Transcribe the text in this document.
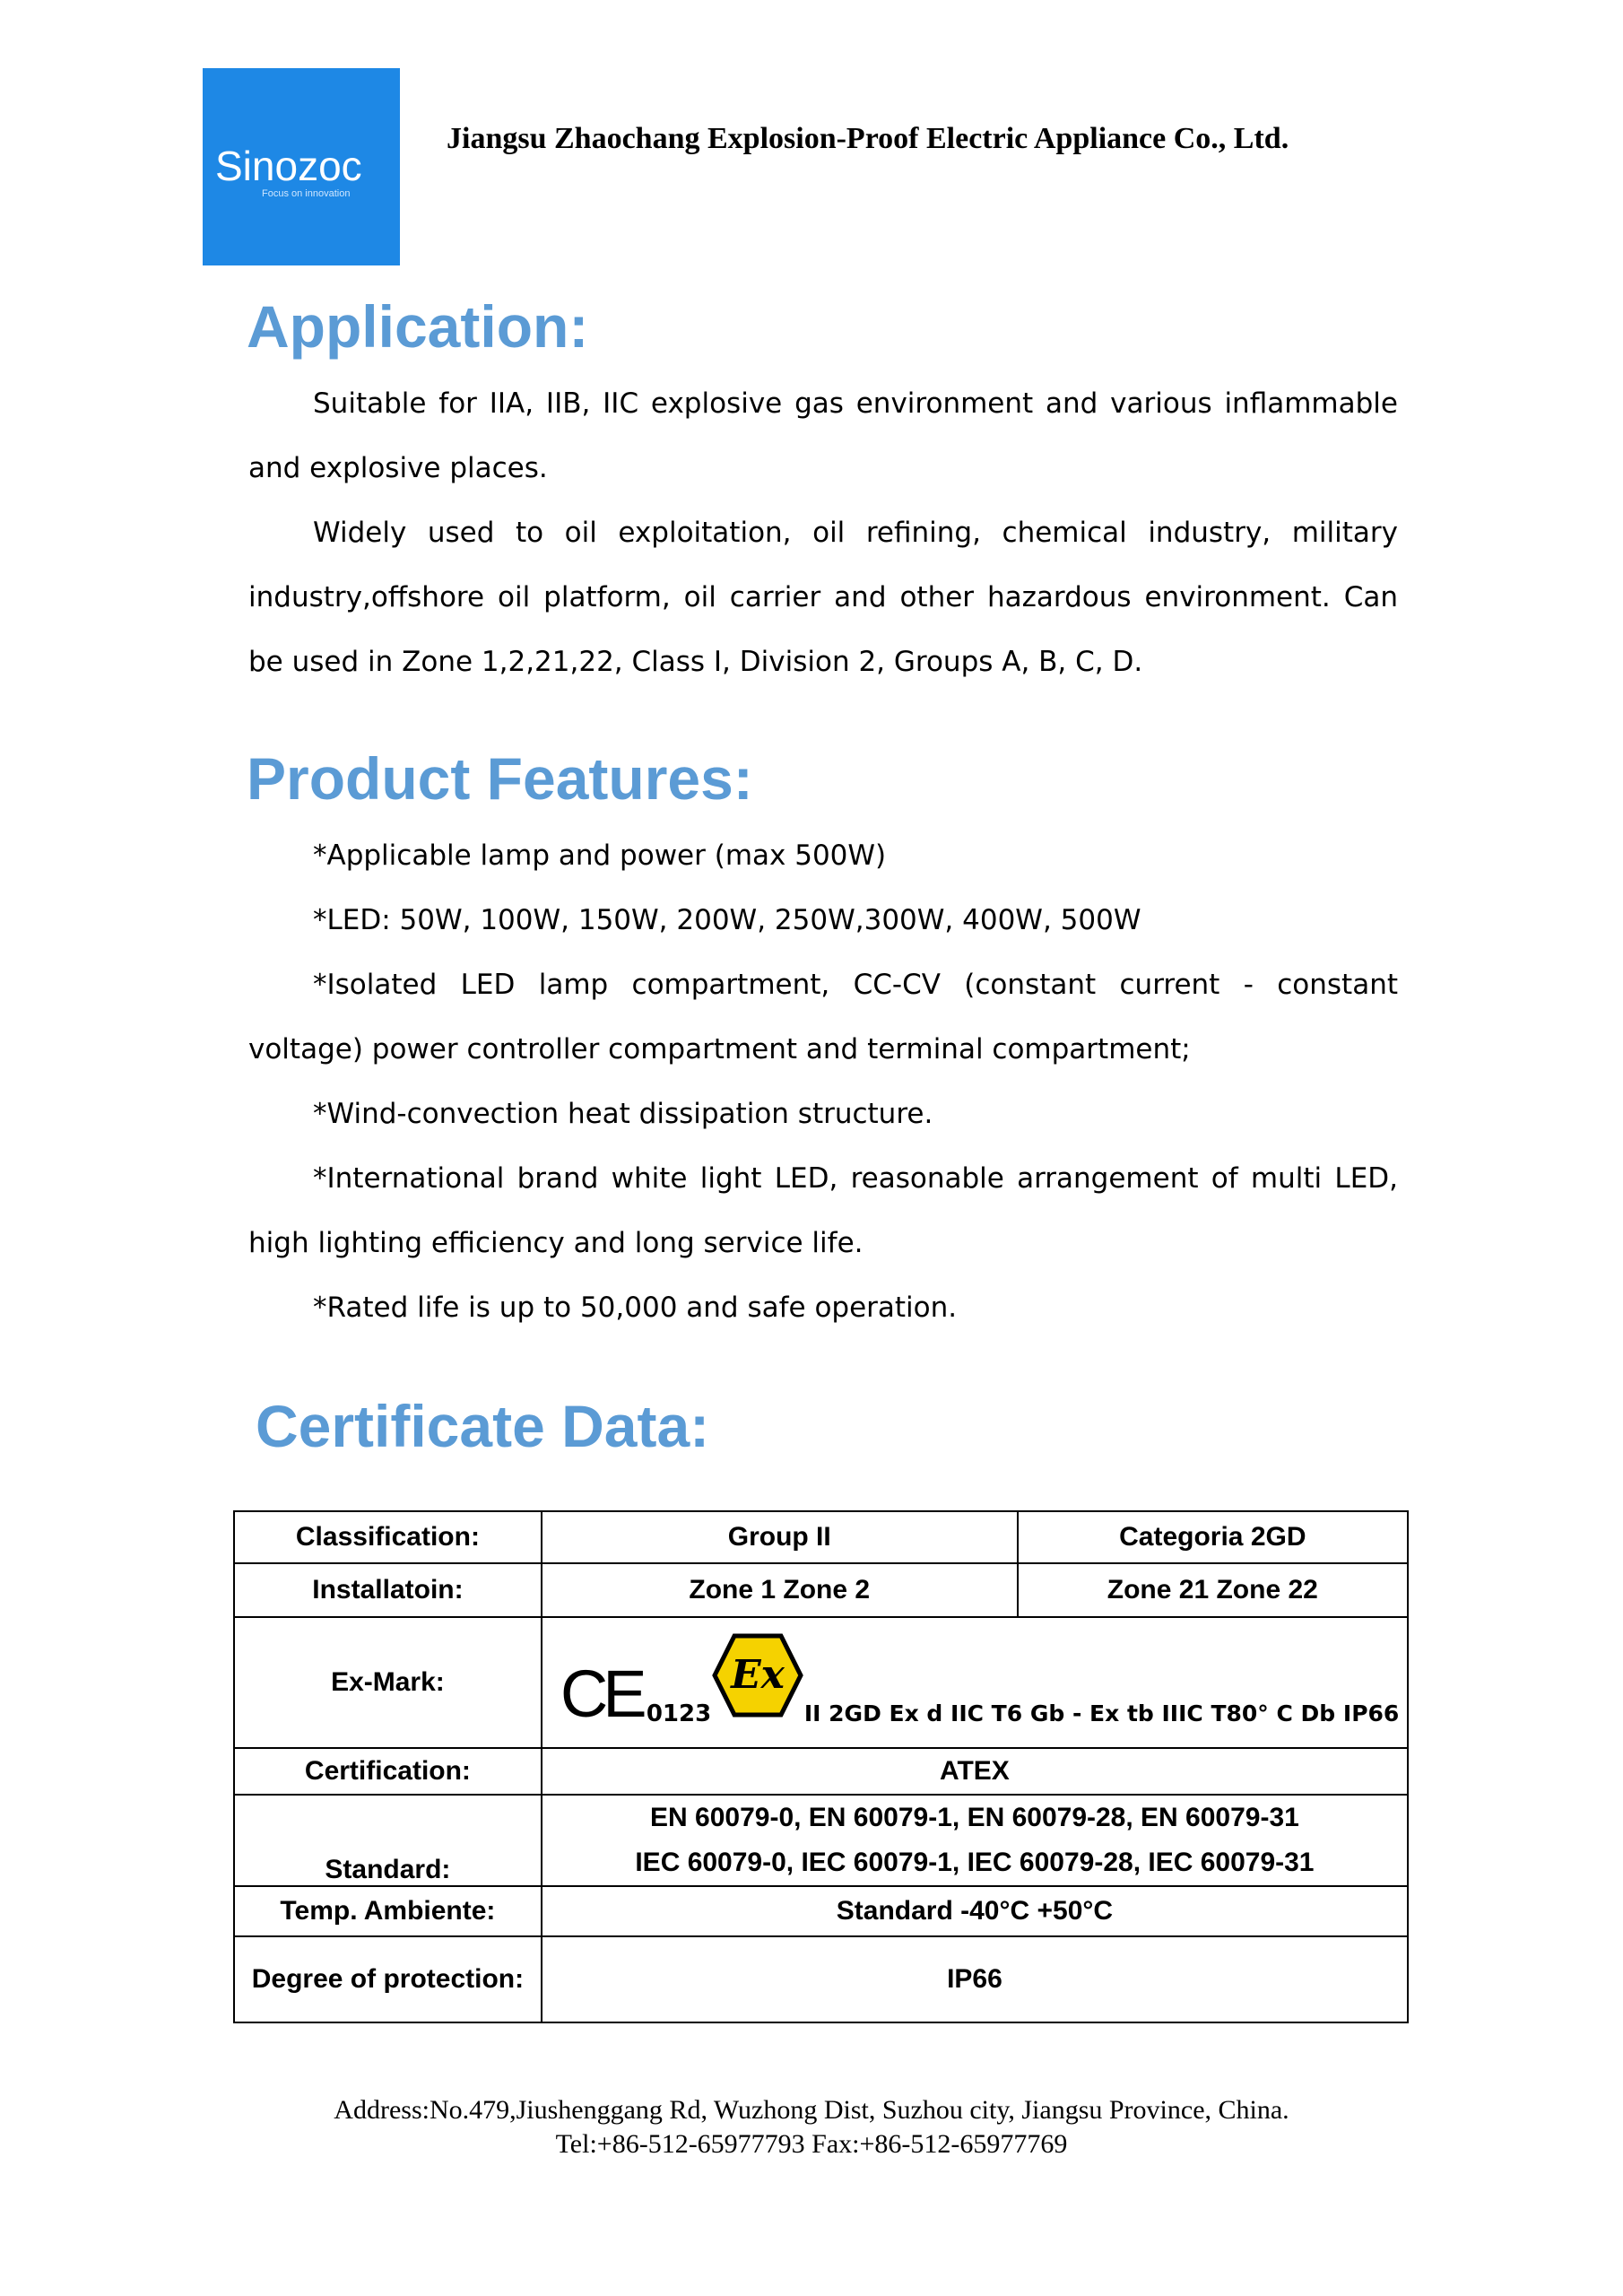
Sinozoc
Focus on innovation
Jiangsu Zhaochang Explosion-Proof Electric Appliance Co., Ltd.
Application:

Suitable for IIA, IIB, IIC explosive gas environment and various inflammable and explosive places.

Widely used to oil exploitation, oil refining, chemical industry, military industry,offshore oil platform, oil carrier and other hazardous environment. Can be used in Zone 1,2,21,22, Class I, Division 2, Groups A, B, C, D.

Product Features:

*Applicable lamp and power (max 500W)

*LED: 50W, 100W, 150W, 200W, 250W,300W, 400W, 500W

*Isolated LED lamp compartment, CC-CV (constant current - constant voltage) power controller compartment and terminal compartment;

*Wind-convection heat dissipation structure.

*International brand white light LED, reasonable arrangement of multi LED, high lighting efficiency and long service life.

*Rated life is up to 50,000 and safe operation.

Certificate Data:
Classification:	Group II	Categoria 2GD
Installatoin:	Zone 1 Zone 2	Zone 21 Zone 22
Ex-Mark:	CE 0123
Ex
II 2GD Ex d IIC T6 Gb - Ex tb IIIC T80° C Db IP66	

Certification:	ATEX	
Standard:	EN 60079-0, EN 60079-1, EN 60079-28, EN 60079-31
IEC 60079-0, IEC 60079-1, IEC 60079-28, IEC 60079-31	

Temp. Ambiente:	Standard -40°C +50°C	
Degree of protection:	IP66	
Address:No.479,Jiushenggang Rd, Wuzhong Dist, Suzhou city, Jiangsu Province, China.
Tel:+86-512-65977793 Fax:+86-512-65977769
